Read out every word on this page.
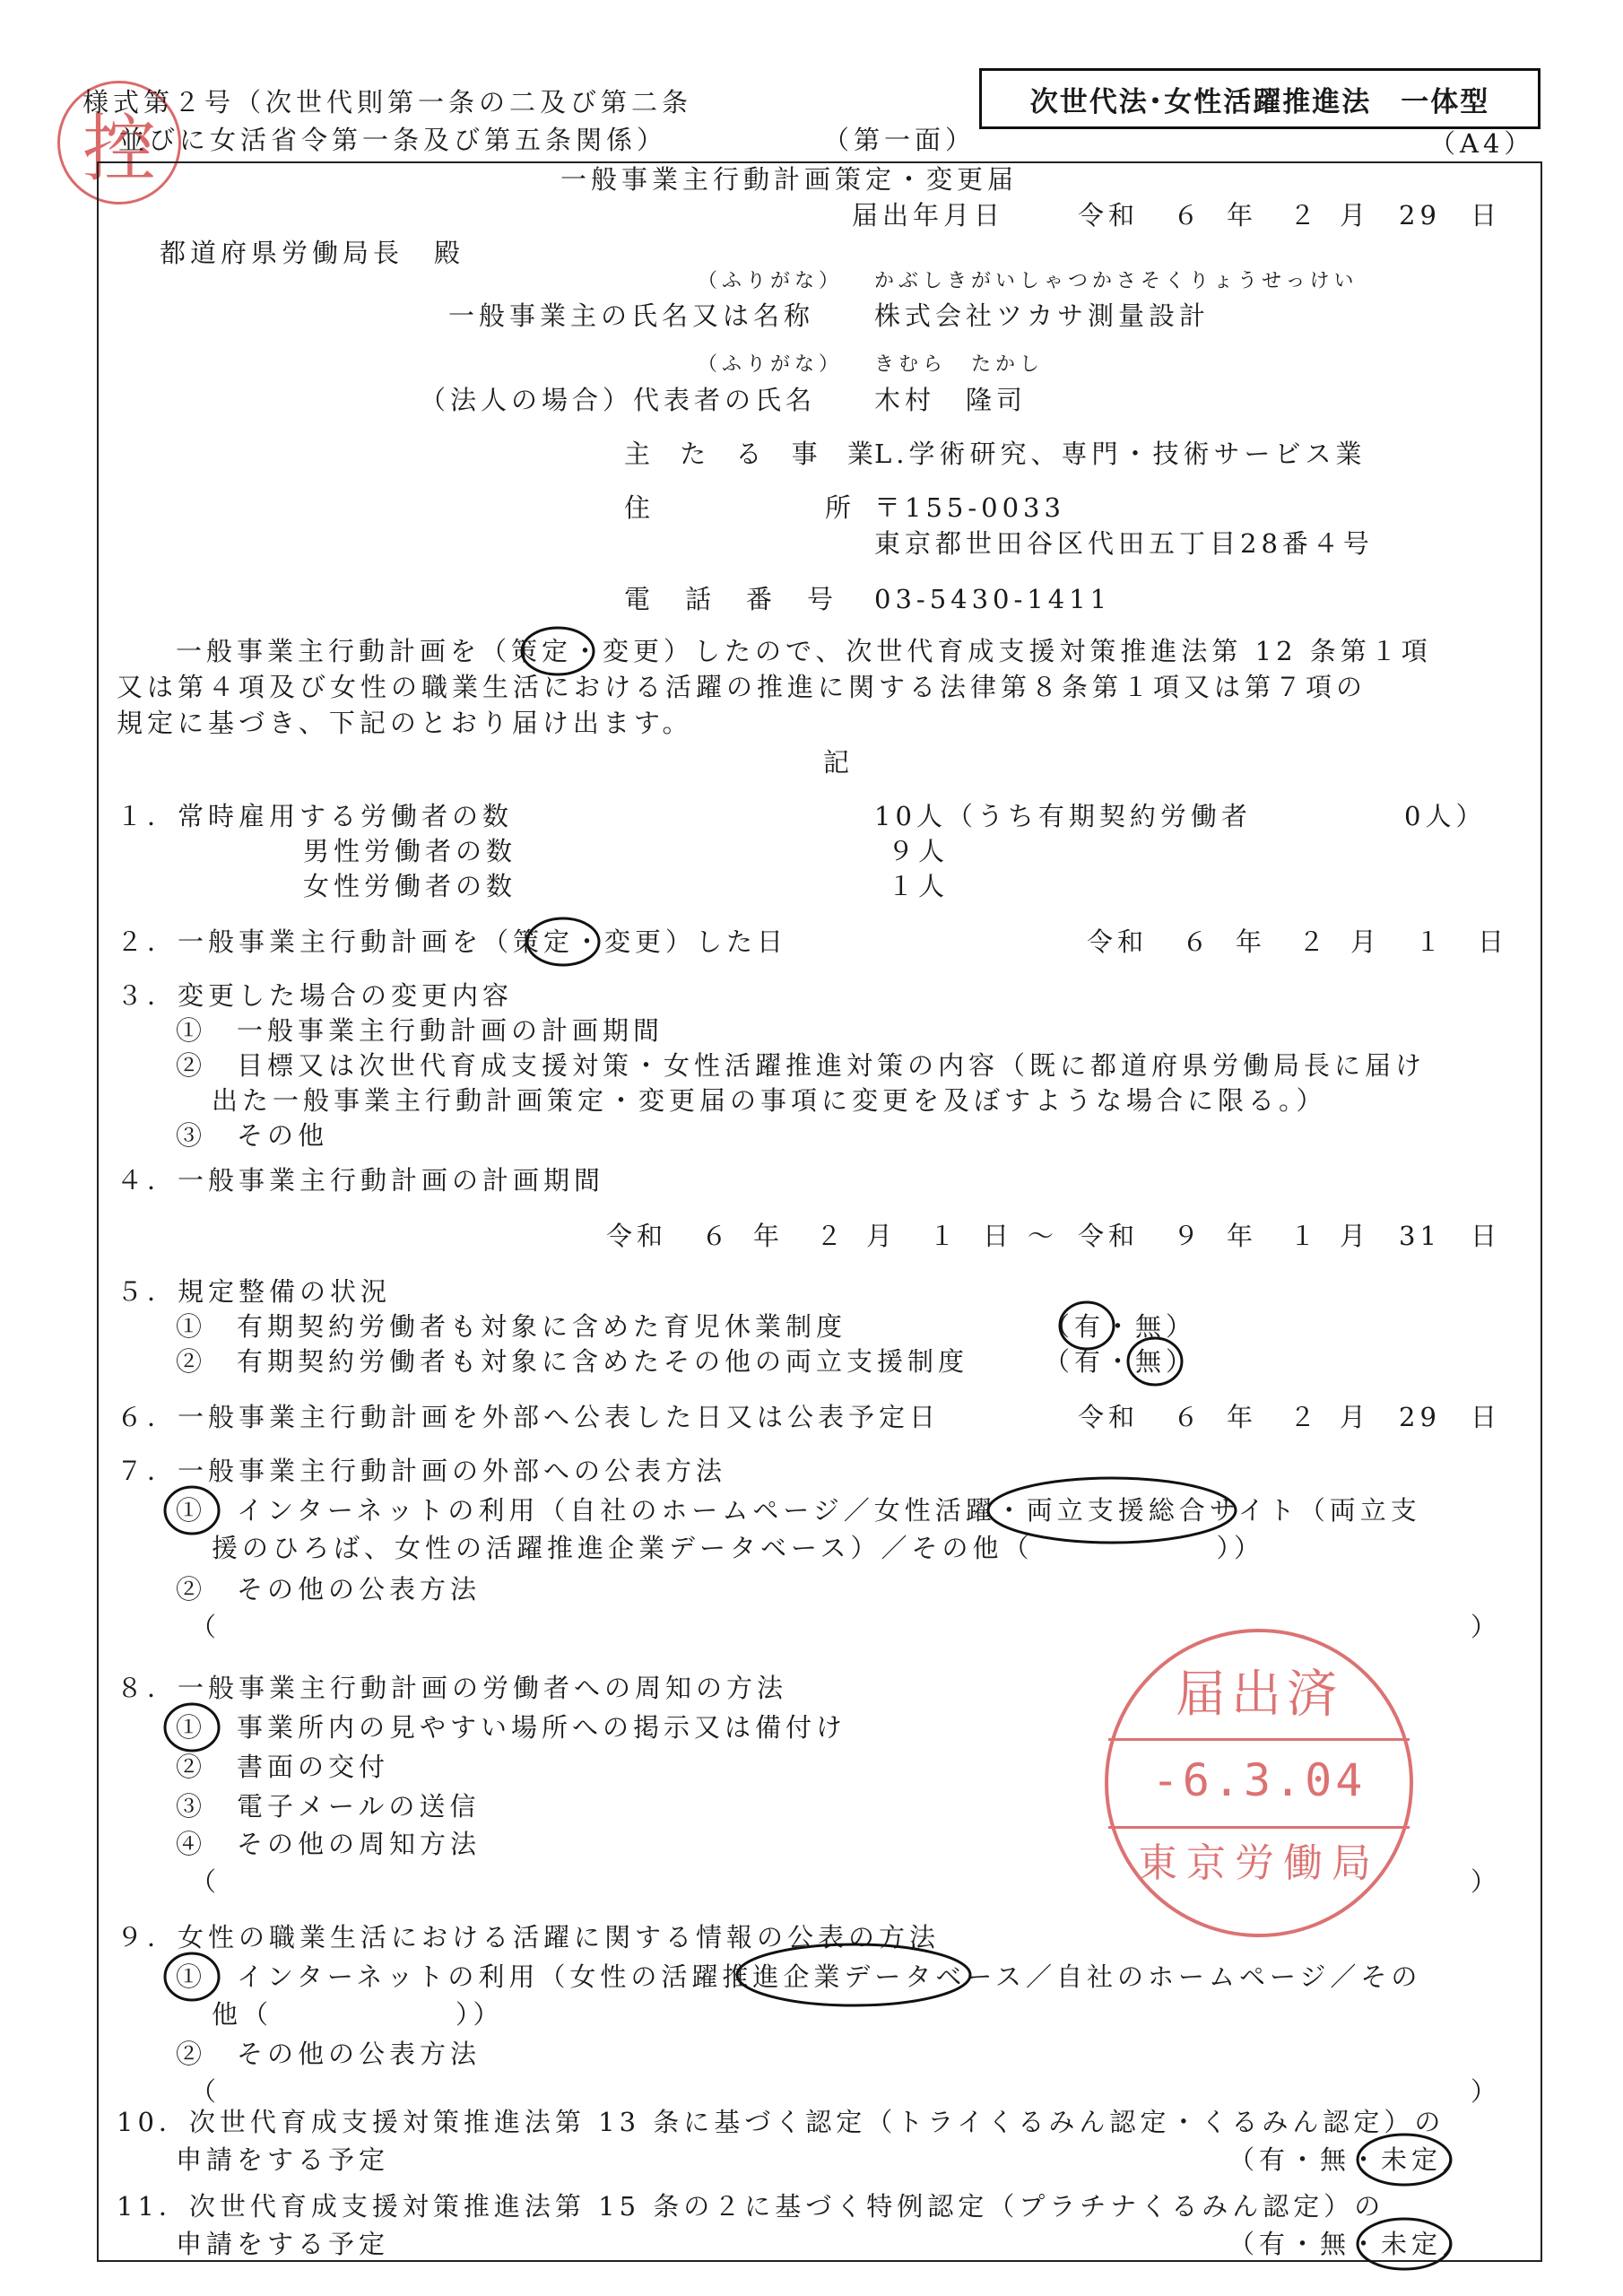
控
様式第２号（次世代則第一条の二及び第二条
並びに女活省令第一条及び第五条関係）	（第一面）
次世代法･女性活躍推進法　一体型
（A4）
一般事業主行動計画策定・変更届
届出年月日	令和 ６ 年 ２ 月 29 日
都道府県労働局長　殿
（ふりがな） かぶしきがいしゃつかさそくりょうせっけい
一般事業主の氏名又は名称 株式会社ツカサ測量設計
（ふりがな） きむら　たかし
（法人の場合）代表者の氏名 木村　隆司
主 た る 事 業
L.学術研究、専門・技術サービス業
住	所 〒155-0033
東京都世田谷区代田五丁目28番４号
電　話　番　号 03-5430-1411
一般事業主行動計画を（策定・変更）したので、次世代育成支援対策推進法第 12 条第１項
又は第４項及び女性の職業生活における活躍の推進に関する法律第８条第１項又は第７項の
規定に基づき、下記のとおり届け出ます。
記
１．常時雇用する労働者の数	10人（うち有期契約労働者	0人）
男性労働者の数	９人
女性労働者の数	１人
２．一般事業主行動計画を（策定・変更）した日	令和 ６ 年 ２ 月 １ 日
３．変更した場合の変更内容
①　一般事業主行動計画の計画期間
②　目標又は次世代育成支援対策・女性活躍推進対策の内容（既に都道府県労働局長に届け
出た一般事業主行動計画策定・変更届の事項に変更を及ぼすような場合に限る。）
③　その他
４．一般事業主行動計画の計画期間
令和 ６ 年 ２ 月 １ 日 ～ 令和 ９ 年 １ 月 31 日
５．規定整備の状況
①　有期契約労働者も対象に含めた育児休業制度	（有・無）
②　有期契約労働者も対象に含めたその他の両立支援制度	（有・無）
６．一般事業主行動計画を外部へ公表した日又は公表予定日	令和 ６ 年 ２ 月 29 日
７．一般事業主行動計画の外部への公表方法
①　インターネットの利用（自社のホームページ／女性活躍・両立支援総合サイト（両立支
援のひろば、女性の活躍推進企業データベース）／その他（　　　　　　））
②　その他の公表方法
（	）
８．一般事業主行動計画の労働者への周知の方法
①　事業所内の見やすい場所への掲示又は備付け
②　書面の交付
③　電子メールの送信
④　その他の周知方法
（	）
９．女性の職業生活における活躍に関する情報の公表の方法
①　インターネットの利用（女性の活躍推進企業データベース／自社のホームページ／その
他（　　　　　　））
②　その他の公表方法
（	）
10．次世代育成支援対策推進法第 13 条に基づく認定（トライくるみん認定・くるみん認定）の
申請をする予定	（有・無・未定）
11．次世代育成支援対策推進法第 15 条の２に基づく特例認定（プラチナくるみん認定）の
申請をする予定	（有・無・未定）
届出済
-6.3.04
東京労働局
